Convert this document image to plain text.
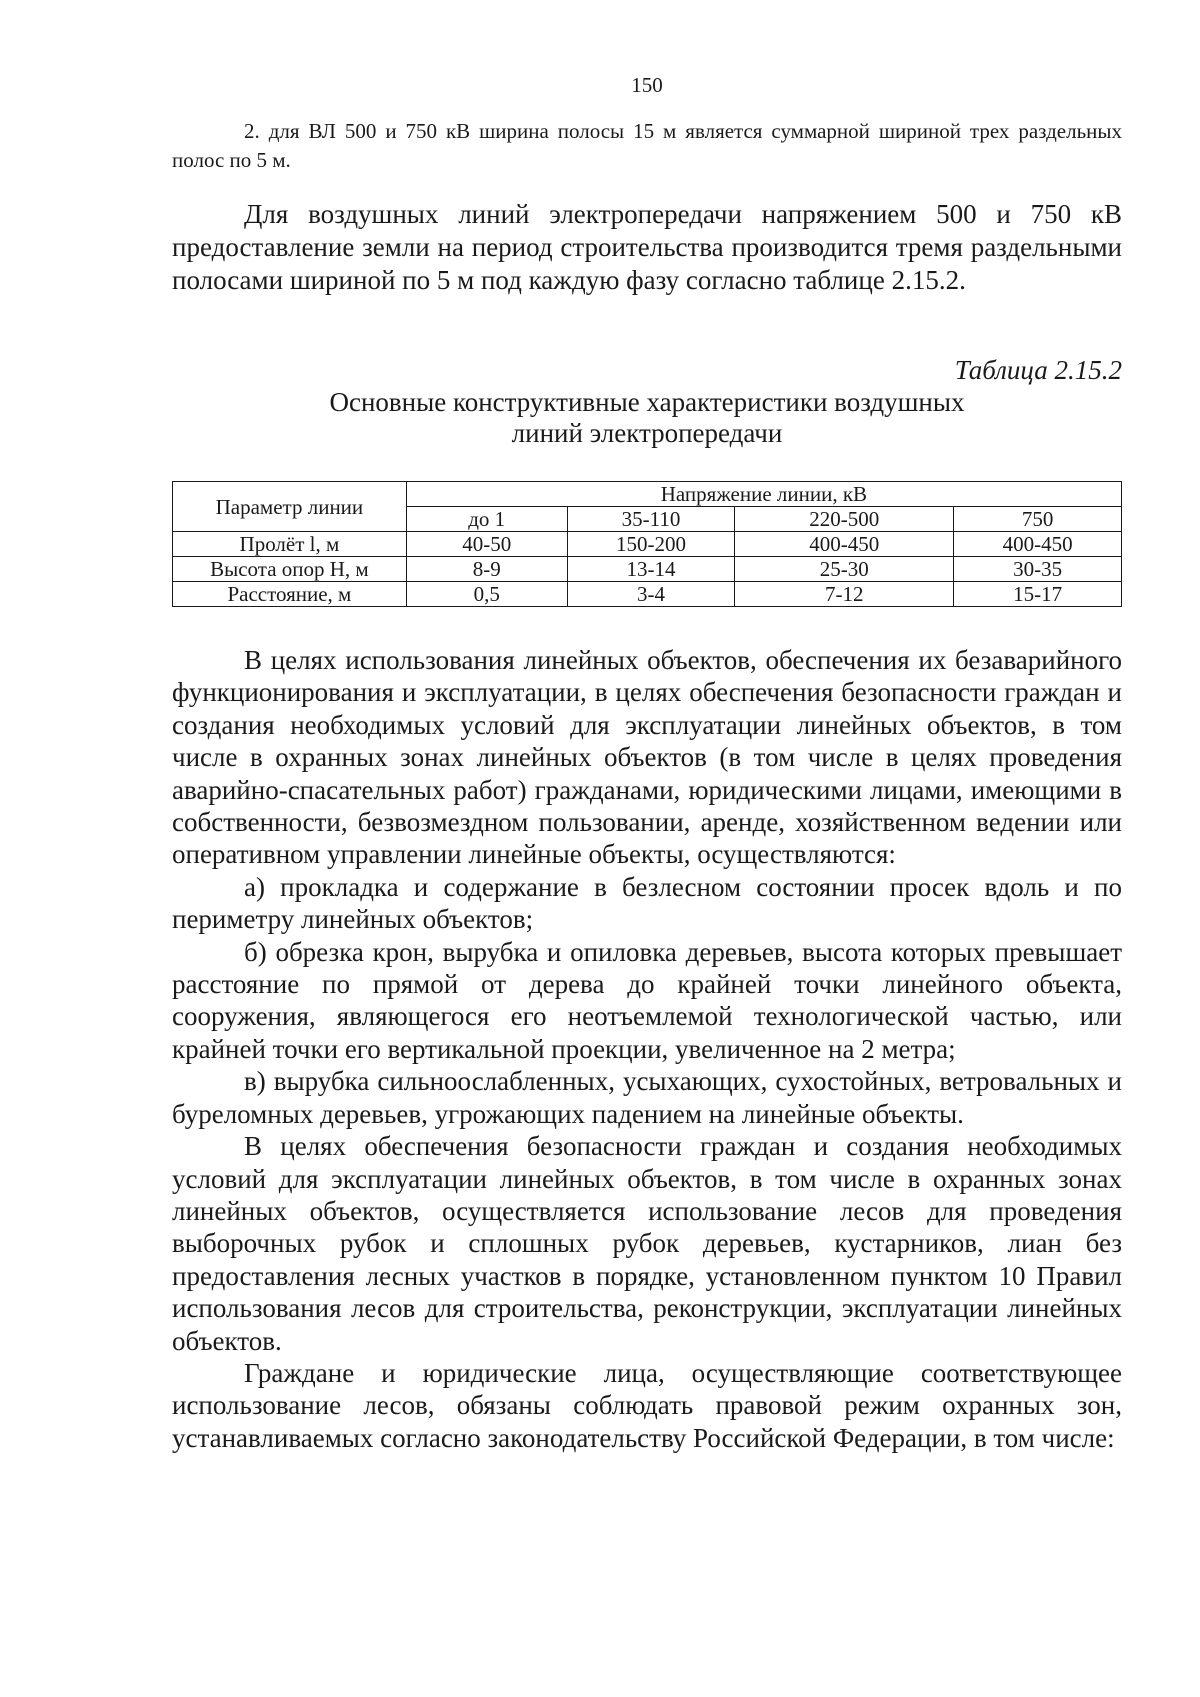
150

2. для ВЛ 500 и 750 кВ ширина полосы 15 м является суммарной шириной трех раздельных полос по 5 м.

Для воздушных линий электропередачи напряжением 500 и 750 кВ предоставление земли на период строительства производится тремя раздельными полосами шириной по 5 м под каждую фазу согласно таблице 2.15.2.

Таблица 2.15.2
Основные конструктивные характеристики воздушных
линий электропередачи
Параметр линии	Напряжение линии, кВ			
	до 1	35-110	220-500	750
Пролёт l, м	40-50	150-200	400-450	400-450
Высота опор H, м	8-9	13-14	25-30	30-35
Расстояние, м	0,5	3-4	7-12	15-17

В целях использования линейных объектов, обеспечения их безаварийного функционирования и эксплуатации, в целях обеспечения безопасности граждан и создания необходимых условий для эксплуатации линейных объектов, в том числе в охранных зонах линейных объектов (в том числе в целях проведения аварийно-спасательных работ) гражданами, юридическими лицами, имеющими в собственности, безвозмездном пользовании, аренде, хозяйственном ведении или оперативном управлении линейные объекты, осуществляются:

а) прокладка и содержание в безлесном состоянии просек вдоль и по периметру линейных объектов;

б) обрезка крон, вырубка и опиловка деревьев, высота которых превышает расстояние по прямой от дерева до крайней точки линейного объекта, сооружения, являющегося его неотъемлемой технологической частью, или крайней точки его вертикальной проекции, увеличенное на 2 метра;

в) вырубка сильноослабленных, усыхающих, сухостойных, ветровальных и буреломных деревьев, угрожающих падением на линейные объекты.

В целях обеспечения безопасности граждан и создания необходимых условий для эксплуатации линейных объектов, в том числе в охранных зонах линейных объектов, осуществляется использование лесов для проведения выборочных рубок и сплошных рубок деревьев, кустарников, лиан без предоставления лесных участков в порядке, установленном пунктом 10 Правил использования лесов для строительства, реконструкции, эксплуатации линейных объектов.

Граждане и юридические лица, осуществляющие соответствующее использование лесов, обязаны соблюдать правовой режим охранных зон, устанавливаемых согласно законодательству Российской Федерации, в том числе:
